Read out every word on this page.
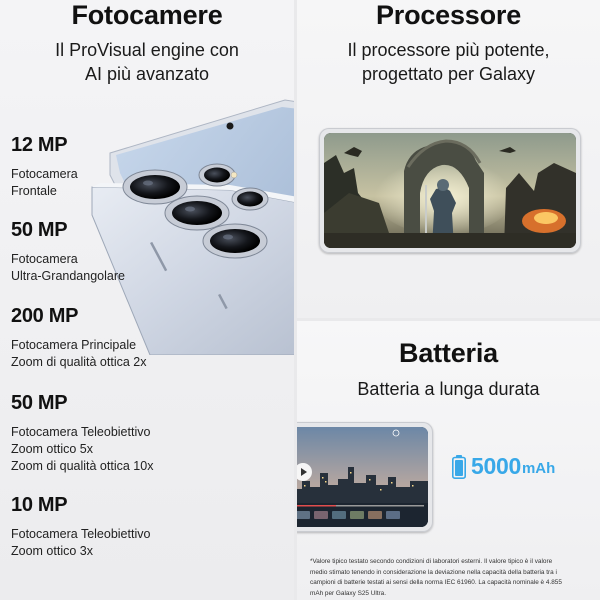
Fotocamere
Il ProVisual engine con
AI più avanzato
12 MP
Fotocamera
Frontale
50 MP
Fotocamera
Ultra-Grandangolare
200 MP
Fotocamera Principale
Zoom di qualità ottica 2x
50 MP
Fotocamera Teleobiettivo
Zoom ottico 5x
Zoom di qualità ottica 10x
10 MP
Fotocamera Teleobiettivo
Zoom ottico 3x
Processore
Il processore più potente,
progettato per Galaxy
Batteria
Batteria a lunga durata
5000 mAh
*Valore tipico testato secondo condizioni di laboratori esterni. Il valore tipico è il valore
medio stimato tenendo in considerazione la deviazione nella capacità della batteria tra i
campioni di batterie testati ai sensi della norma IEC 61960. La capacità nominale è 4.855
mAh per Galaxy S25 Ultra.
